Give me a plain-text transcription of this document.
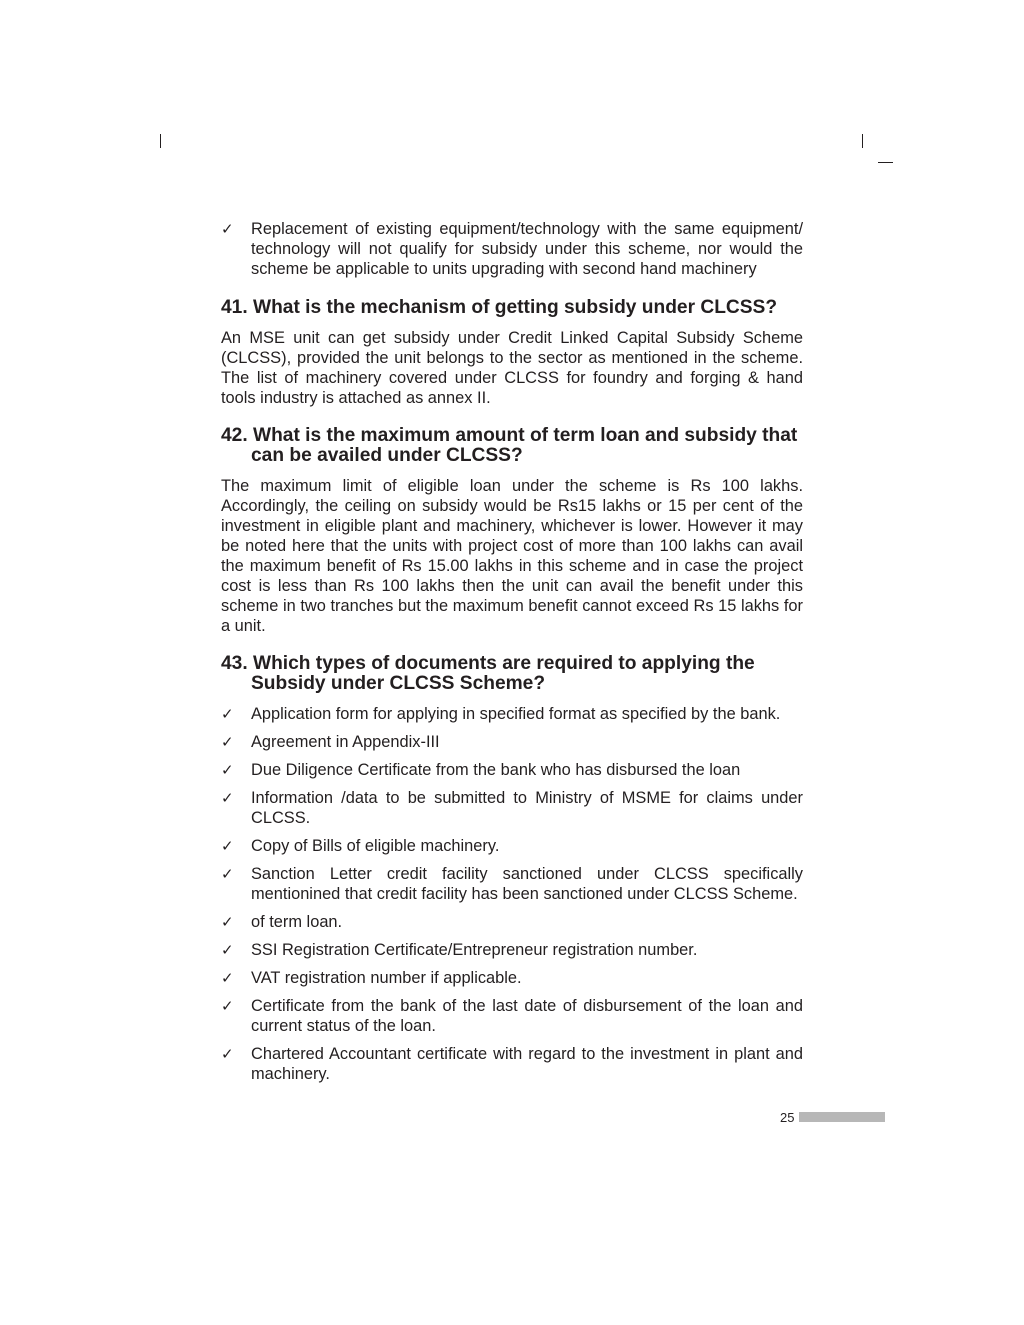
✓ Replacement of existing equipment/technology with the same equipment/ technology will not qualify for subsidy under this scheme, nor would the scheme be applicable to units upgrading with second hand machinery
41. What is the mechanism of getting subsidy under CLCSS?

An MSE unit can get subsidy under Credit Linked Capital Subsidy Scheme (CLCSS), provided the unit belongs to the sector as mentioned in the scheme. The list of machinery covered under CLCSS for foundry and forging & hand tools industry is attached as annex II.

42. What is the maximum amount of term loan and subsidy that can be availed under CLCSS?

The maximum limit of eligible loan under the scheme is Rs 100 lakhs. Accordingly, the ceiling on subsidy would be Rs15 lakhs or 15 per cent of the investment in eligible plant and machinery, whichever is lower. However it may be noted here that the units with project cost of more than 100 lakhs can avail the maximum benefit of Rs 15.00 lakhs in this scheme and in case the project cost is less than Rs 100 lakhs then the unit can avail the benefit under this scheme in two tranches but the maximum benefit cannot exceed Rs 15 lakhs for a unit.

43. Which types of documents are required to applying the Subsidy under CLCSS Scheme?
✓ Application form for applying in specified format as specified by the bank.
✓ Agreement in Appendix-III
✓ Due Diligence Certificate from the bank who has disbursed the loan
✓ Information /data to be submitted to Ministry of MSME for claims under CLCSS.
✓ Copy of Bills of eligible machinery.
✓ Sanction Letter credit facility sanctioned under CLCSS specifically mentionined that credit facility has been sanctioned under CLCSS Scheme.
✓ of term loan.
✓ SSI Registration Certificate/Entrepreneur registration number.
✓ VAT registration number if applicable.
✓ Certificate from the bank of the last date of disbursement of the loan and current status of the loan.
✓ Chartered Accountant certificate with regard to the investment in plant and machinery.
25
